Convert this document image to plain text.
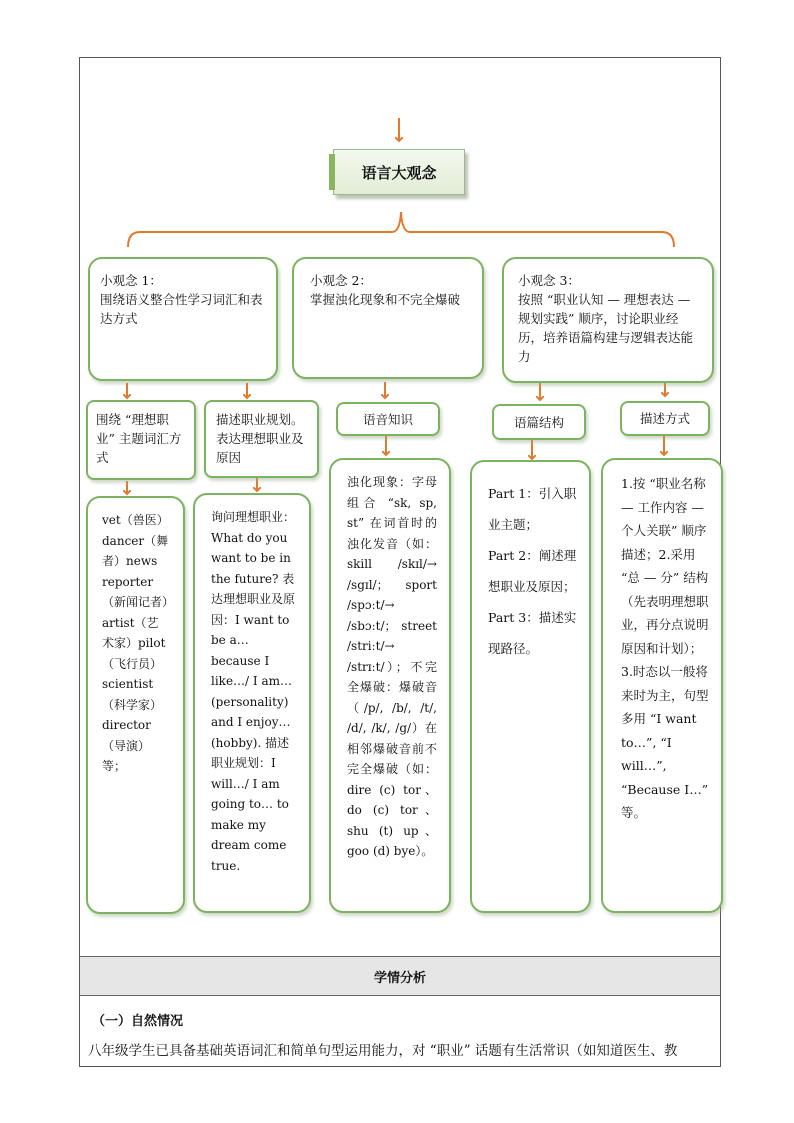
语言大观念
小观念 1：
围绕语义整合性学习词汇和表达方式
小观念 2：
掌握浊化现象和不完全爆破
小观念 3：
按照 “职业认知 — 理想表达 — 规划实践” 顺序，讨论职业经历，培养语篇构建与逻辑表达能力
围绕 “理想职业” 主题词汇方式
描述职业规划。表达理想职业及原因
语音知识	语篇结构	描述方式
vet（兽医）dancer（舞者）news reporter（新闻记者）artist（艺术家）pilot（飞行员）scientist（科学家）director（导演）等；
询问理想职业：What do you want to be in the future? 表达理想职业及原因：I want to be a… because I like…/ I am… (personality) and I enjoy… (hobby). 描述职业规划：I will…/ I am going to… to make my dream come true.
浊化现象：字母组合 “sk, sp, st” 在词首时的浊化发音（如：skill /skɪl/→ /sgɪl/； sport /spɔːt/→ /sbɔːt/； street /striːt/→ /strɪːt/）；不完全爆破：爆破音（/p/, /b/, /t/, /d/, /k/, /g/）在相邻爆破音前不完全爆破（如：dire (c) tor、do (c) tor、shu (t) up、goo (d) bye）。
Part 1：引入职业主题；
Part 2：阐述理想职业及原因；
Part 3：描述实现路径。
1.按 “职业名称 — 工作内容 — 个人关联” 顺序描述；2.采用 “总 — 分” 结构（先表明理想职业，再分点说明原因和计划）；3.时态以一般将来时为主，句型多用 “I want to…”, “I will…”, “Because I…” 等。
学情分析
（一）自然情况
八年级学生已具备基础英语词汇和简单句型运用能力，对 “职业” 话题有生活常识（如知道医生、教
